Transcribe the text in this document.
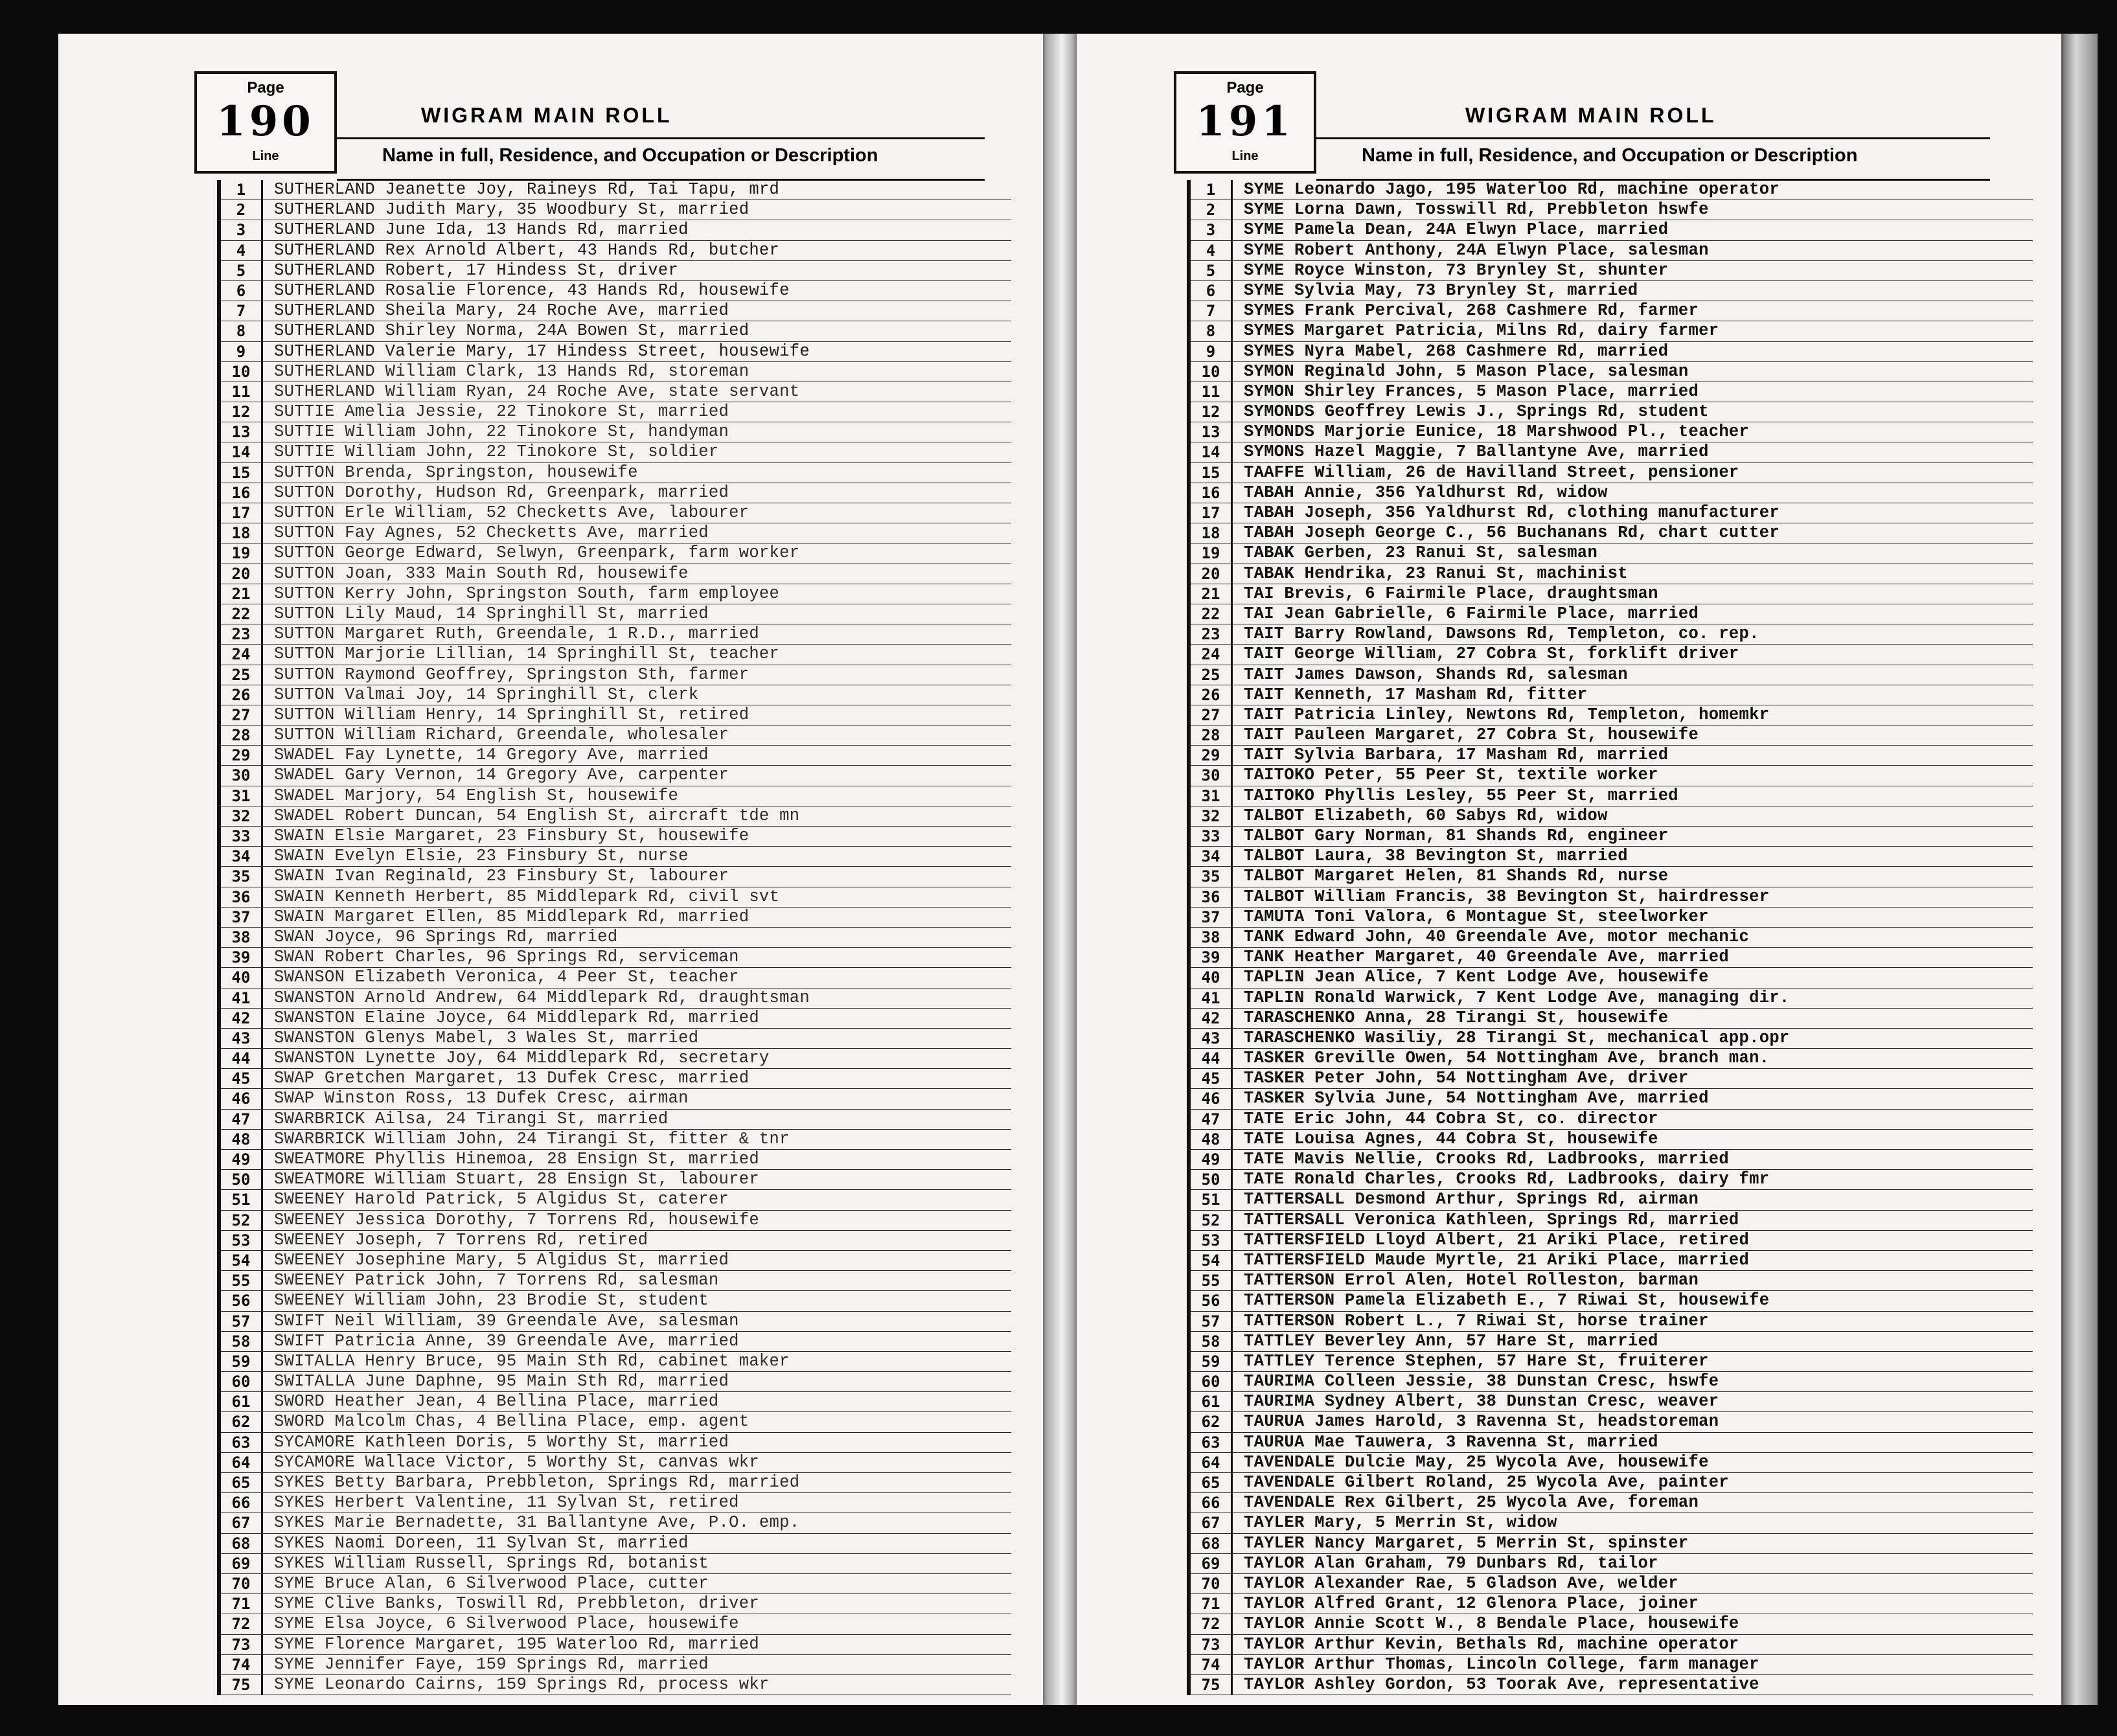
Page
190
Line
WIGRAM MAIN ROLL
Name in full, Residence, and Occupation or Description
1	SUTHERLAND Jeanette Joy, Raineys Rd, Tai Tapu, mrd
2	SUTHERLAND Judith Mary, 35 Woodbury St, married
3	SUTHERLAND June Ida, 13 Hands Rd, married
4	SUTHERLAND Rex Arnold Albert, 43 Hands Rd, butcher
5	SUTHERLAND Robert, 17 Hindess St, driver
6	SUTHERLAND Rosalie Florence, 43 Hands Rd, housewife
7	SUTHERLAND Sheila Mary, 24 Roche Ave, married
8	SUTHERLAND Shirley Norma, 24A Bowen St, married
9	SUTHERLAND Valerie Mary, 17 Hindess Street, housewife
10	SUTHERLAND William Clark, 13 Hands Rd, storeman
11	SUTHERLAND William Ryan, 24 Roche Ave, state servant
12	SUTTIE Amelia Jessie, 22 Tinokore St, married
13	SUTTIE William John, 22 Tinokore St, handyman
14	SUTTIE William John, 22 Tinokore St, soldier
15	SUTTON Brenda, Springston, housewife
16	SUTTON Dorothy, Hudson Rd, Greenpark, married
17	SUTTON Erle William, 52 Checketts Ave, labourer
18	SUTTON Fay Agnes, 52 Checketts Ave, married
19	SUTTON George Edward, Selwyn, Greenpark, farm worker
20	SUTTON Joan, 333 Main South Rd, housewife
21	SUTTON Kerry John, Springston South, farm employee
22	SUTTON Lily Maud, 14 Springhill St, married
23	SUTTON Margaret Ruth, Greendale, 1 R.D., married
24	SUTTON Marjorie Lillian, 14 Springhill St, teacher
25	SUTTON Raymond Geoffrey, Springston Sth, farmer
26	SUTTON Valmai Joy, 14 Springhill St, clerk
27	SUTTON William Henry, 14 Springhill St, retired
28	SUTTON William Richard, Greendale, wholesaler
29	SWADEL Fay Lynette, 14 Gregory Ave, married
30	SWADEL Gary Vernon, 14 Gregory Ave, carpenter
31	SWADEL Marjory, 54 English St, housewife
32	SWADEL Robert Duncan, 54 English St, aircraft tde mn
33	SWAIN Elsie Margaret, 23 Finsbury St, housewife
34	SWAIN Evelyn Elsie, 23 Finsbury St, nurse
35	SWAIN Ivan Reginald, 23 Finsbury St, labourer
36	SWAIN Kenneth Herbert, 85 Middlepark Rd, civil svt
37	SWAIN Margaret Ellen, 85 Middlepark Rd, married
38	SWAN Joyce, 96 Springs Rd, married
39	SWAN Robert Charles, 96 Springs Rd, serviceman
40	SWANSON Elizabeth Veronica, 4 Peer St, teacher
41	SWANSTON Arnold Andrew, 64 Middlepark Rd, draughtsman
42	SWANSTON Elaine Joyce, 64 Middlepark Rd, married
43	SWANSTON Glenys Mabel, 3 Wales St, married
44	SWANSTON Lynette Joy, 64 Middlepark Rd, secretary
45	SWAP Gretchen Margaret, 13 Dufek Cresc, married
46	SWAP Winston Ross, 13 Dufek Cresc, airman
47	SWARBRICK Ailsa, 24 Tirangi St, married
48	SWARBRICK William John, 24 Tirangi St, fitter & tnr
49	SWEATMORE Phyllis Hinemoa, 28 Ensign St, married
50	SWEATMORE William Stuart, 28 Ensign St, labourer
51	SWEENEY Harold Patrick, 5 Algidus St, caterer
52	SWEENEY Jessica Dorothy, 7 Torrens Rd, housewife
53	SWEENEY Joseph, 7 Torrens Rd, retired
54	SWEENEY Josephine Mary, 5 Algidus St, married
55	SWEENEY Patrick John, 7 Torrens Rd, salesman
56	SWEENEY William John, 23 Brodie St, student
57	SWIFT Neil William, 39 Greendale Ave, salesman
58	SWIFT Patricia Anne, 39 Greendale Ave, married
59	SWITALLA Henry Bruce, 95 Main Sth Rd, cabinet maker
60	SWITALLA June Daphne, 95 Main Sth Rd, married
61	SWORD Heather Jean, 4 Bellina Place, married
62	SWORD Malcolm Chas, 4 Bellina Place, emp. agent
63	SYCAMORE Kathleen Doris, 5 Worthy St, married
64	SYCAMORE Wallace Victor, 5 Worthy St, canvas wkr
65	SYKES Betty Barbara, Prebbleton, Springs Rd, married
66	SYKES Herbert Valentine, 11 Sylvan St, retired
67	SYKES Marie Bernadette, 31 Ballantyne Ave, P.O. emp.
68	SYKES Naomi Doreen, 11 Sylvan St, married
69	SYKES William Russell, Springs Rd, botanist
70	SYME Bruce Alan, 6 Silverwood Place, cutter
71	SYME Clive Banks, Toswill Rd, Prebbleton, driver
72	SYME Elsa Joyce, 6 Silverwood Place, housewife
73	SYME Florence Margaret, 195 Waterloo Rd, married
74	SYME Jennifer Faye, 159 Springs Rd, married
75	SYME Leonardo Cairns, 159 Springs Rd, process wkr
Page
191
Line
WIGRAM MAIN ROLL
Name in full, Residence, and Occupation or Description
1	SYME Leonardo Jago, 195 Waterloo Rd, machine operator
2	SYME Lorna Dawn, Tosswill Rd, Prebbleton hswfe
3	SYME Pamela Dean, 24A Elwyn Place, married
4	SYME Robert Anthony, 24A Elwyn Place, salesman
5	SYME Royce Winston, 73 Brynley St, shunter
6	SYME Sylvia May, 73 Brynley St, married
7	SYMES Frank Percival, 268 Cashmere Rd, farmer
8	SYMES Margaret Patricia, Milns Rd, dairy farmer
9	SYMES Nyra Mabel, 268 Cashmere Rd, married
10	SYMON Reginald John, 5 Mason Place, salesman
11	SYMON Shirley Frances, 5 Mason Place, married
12	SYMONDS Geoffrey Lewis J., Springs Rd, student
13	SYMONDS Marjorie Eunice, 18 Marshwood Pl., teacher
14	SYMONS Hazel Maggie, 7 Ballantyne Ave, married
15	TAAFFE William, 26 de Havilland Street, pensioner
16	TABAH Annie, 356 Yaldhurst Rd, widow
17	TABAH Joseph, 356 Yaldhurst Rd, clothing manufacturer
18	TABAH Joseph George C., 56 Buchanans Rd, chart cutter
19	TABAK Gerben, 23 Ranui St, salesman
20	TABAK Hendrika, 23 Ranui St, machinist
21	TAI Brevis, 6 Fairmile Place, draughtsman
22	TAI Jean Gabrielle, 6 Fairmile Place, married
23	TAIT Barry Rowland, Dawsons Rd, Templeton, co. rep.
24	TAIT George William, 27 Cobra St, forklift driver
25	TAIT James Dawson, Shands Rd, salesman
26	TAIT Kenneth, 17 Masham Rd, fitter
27	TAIT Patricia Linley, Newtons Rd, Templeton, homemkr
28	TAIT Pauleen Margaret, 27 Cobra St, housewife
29	TAIT Sylvia Barbara, 17 Masham Rd, married
30	TAITOKO Peter, 55 Peer St, textile worker
31	TAITOKO Phyllis Lesley, 55 Peer St, married
32	TALBOT Elizabeth, 60 Sabys Rd, widow
33	TALBOT Gary Norman, 81 Shands Rd, engineer
34	TALBOT Laura, 38 Bevington St, married
35	TALBOT Margaret Helen, 81 Shands Rd, nurse
36	TALBOT William Francis, 38 Bevington St, hairdresser
37	TAMUTA Toni Valora, 6 Montague St, steelworker
38	TANK Edward John, 40 Greendale Ave, motor mechanic
39	TANK Heather Margaret, 40 Greendale Ave, married
40	TAPLIN Jean Alice, 7 Kent Lodge Ave, housewife
41	TAPLIN Ronald Warwick, 7 Kent Lodge Ave, managing dir.
42	TARASCHENKO Anna, 28 Tirangi St, housewife
43	TARASCHENKO Wasiliy, 28 Tirangi St, mechanical app.opr
44	TASKER Greville Owen, 54 Nottingham Ave, branch man.
45	TASKER Peter John, 54 Nottingham Ave, driver
46	TASKER Sylvia June, 54 Nottingham Ave, married
47	TATE Eric John, 44 Cobra St, co. director
48	TATE Louisa Agnes, 44 Cobra St, housewife
49	TATE Mavis Nellie, Crooks Rd, Ladbrooks, married
50	TATE Ronald Charles, Crooks Rd, Ladbrooks, dairy fmr
51	TATTERSALL Desmond Arthur, Springs Rd, airman
52	TATTERSALL Veronica Kathleen, Springs Rd, married
53	TATTERSFIELD Lloyd Albert, 21 Ariki Place, retired
54	TATTERSFIELD Maude Myrtle, 21 Ariki Place, married
55	TATTERSON Errol Alen, Hotel Rolleston, barman
56	TATTERSON Pamela Elizabeth E., 7 Riwai St, housewife
57	TATTERSON Robert L., 7 Riwai St, horse trainer
58	TATTLEY Beverley Ann, 57 Hare St, married
59	TATTLEY Terence Stephen, 57 Hare St, fruiterer
60	TAURIMA Colleen Jessie, 38 Dunstan Cresc, hswfe
61	TAURIMA Sydney Albert, 38 Dunstan Cresc, weaver
62	TAURUA James Harold, 3 Ravenna St, headstoreman
63	TAURUA Mae Tauwera, 3 Ravenna St, married
64	TAVENDALE Dulcie May, 25 Wycola Ave, housewife
65	TAVENDALE Gilbert Roland, 25 Wycola Ave, painter
66	TAVENDALE Rex Gilbert, 25 Wycola Ave, foreman
67	TAYLER Mary, 5 Merrin St, widow
68	TAYLER Nancy Margaret, 5 Merrin St, spinster
69	TAYLOR Alan Graham, 79 Dunbars Rd, tailor
70	TAYLOR Alexander Rae, 5 Gladson Ave, welder
71	TAYLOR Alfred Grant, 12 Glenora Place, joiner
72	TAYLOR Annie Scott W., 8 Bendale Place, housewife
73	TAYLOR Arthur Kevin, Bethals Rd, machine operator
74	TAYLOR Arthur Thomas, Lincoln College, farm manager
75	TAYLOR Ashley Gordon, 53 Toorak Ave, representative
